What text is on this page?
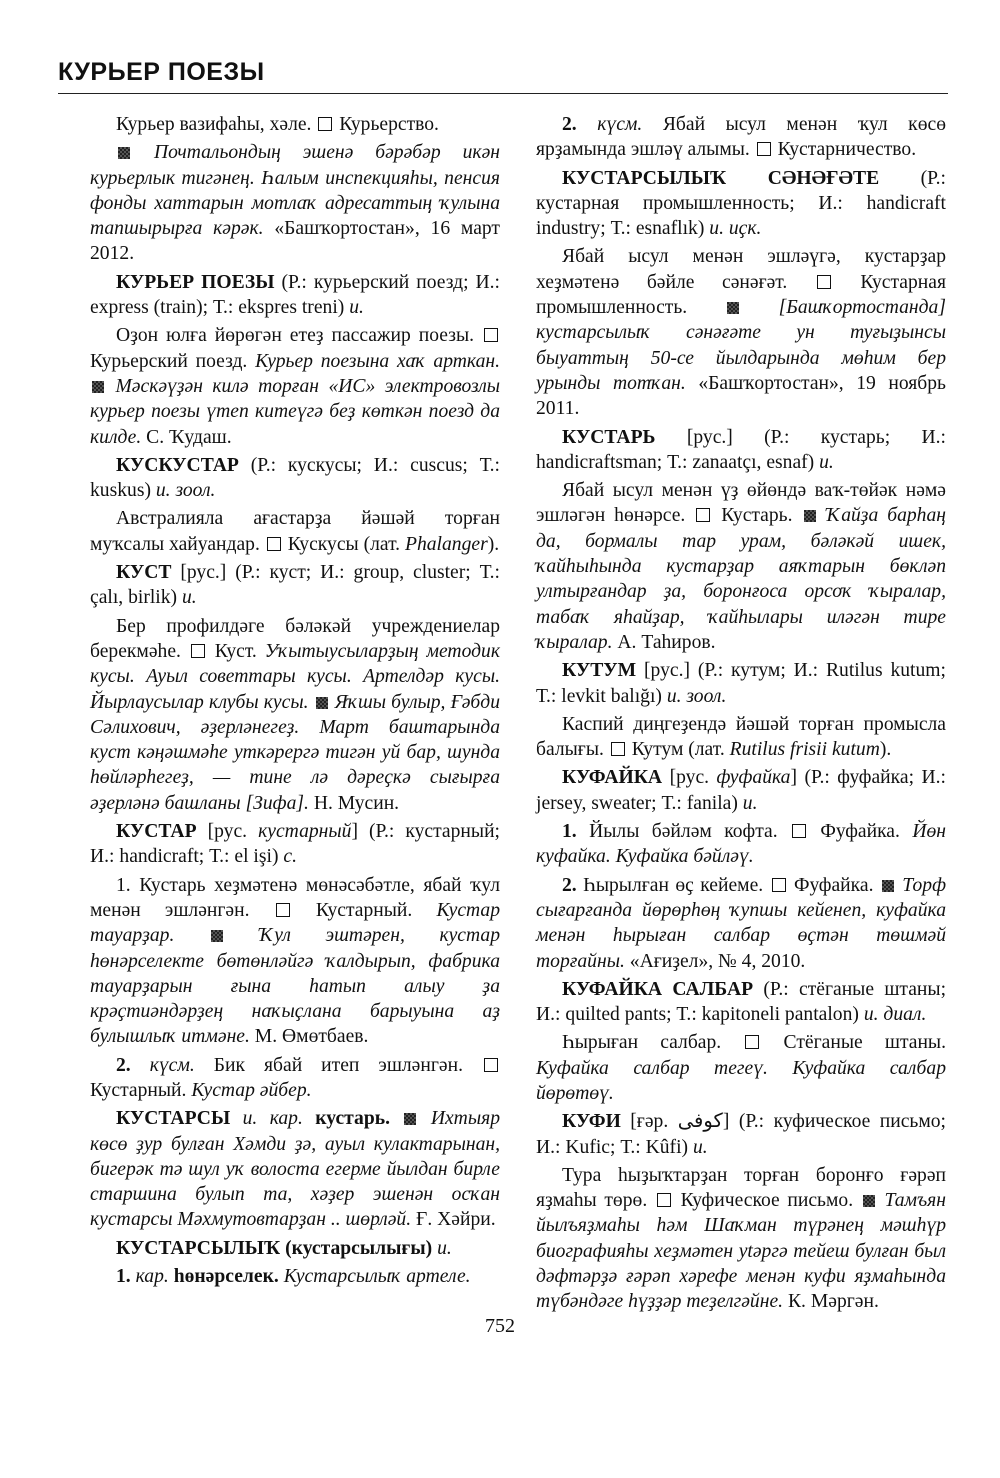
КУРЬЕР ПОЕЗЫ

Курьер вазифаһы, хәле. Курьерство.

Почтальондың эшенә бәрәбәр икән курьерлык тигәнең. Һалым инспекцияһы, пенсия фонды хаттарын мотлаҡ адресаттың ҡулына тапшырырға кәрәк. «Башҡортостан», 16 март 2012.

КУРЬЕР ПОЕЗЫ (Р.: курьерский поезд; И.: express (train); Т.: ekspres treni) и.

Оҙон юлға йөрөгән етеҙ пассажир поезы.  Курьерский поезд. Курьер поезына хаҡ арткан.  Мәскәүҙән килә торған «ИС» электровозлы курьер поезы үтеп китеүгә беҙ көткән поезд да килде. С. Ҡудаш.

КУСКУСТАР (Р.: кускусы; И.: cuscus; Т.: kuskus) и. зоол.

Австралияла ағастарҙа йәшәй торған муҡсалы хайуандар. Кускусы (лат. Phalanger).

КУСТ [рус.] (Р.: куст; И.: group, cluster; Т.: çalı, birlik) и.

Бер профилдәге бәләкәй учреждениелар берекмәһе. Куст. Уҡытыусыларҙың методик кусы. Ауыл советтары кусы. Артелдәр кусы. Йырлаусылар клубы кусы. Яҡшы булыр, Ғәбди Сәлихович, әҙерләнегеҙ. Март баштарында куст кәңәшмәһе уткәрергә тигән уй бар, шунда һөйләрһегеҙ, — тине лә дәреҫкә сығырға әҙерләнә башланы [Зифа]. Н. Мусин.

КУСТАР [рус. кустарный] (Р.: кустарный; И.: handicraft; Т.: el işi) с.

1. Кустарь хеҙмәтенә мөнәсәбәтле, ябай ҡул менән эшләнгән.	Кустарный. Кустар тауарҙар.	Ҡул эштәрен, кустар һөнәрселекте бөтөнләйгә ҡалдырып, фабрика тауарҙарын ғына һатып алыу ҙа крәҫтиәндәрҙең наҡыҫлана барыуына аҙ булышлыҡ итмәне. М. Өмөтбаев.

2. күсм. Бик ябай итеп эшләнгән.  Кустарный. Кустар әйбер.

КУСТАРСЫ и. кар. кустарь. Ихтыяр көсө ҙур булған Хәмди ҙә, ауыл кулактарынан, бигерәк тә шул уҡ волоста егерме йылдан бирле старшина булып та, хәҙер эшенән осҡан кустарсы Мәхмутовтарҙан .. шөрләй. Ғ. Хәйри.

КУСТАРСЫЛЫҠ (кустарсылығы) и.

1. кар. һөнәрселек. Кустарсылыҡ артеле.

2. күсм. Ябай ысул менән ҡул көсө ярҙамында эшләү алымы. Кустарничество.

КУСТАРСЫЛЫҠ СӘНӘҒӘТЕ (Р.: кустарная промышленность; И.: handicraft industry; Т.: esnaflık) и. иҫк.

Ябай ысул менән эшләүгә, кустарҙар хеҙмәтенә бәйле сәнәғәт.	Кустарная промышленность.	[Башҡортостанда] кустарсылыҡ сәнәғәте ун туғыҙынсы быуаттың 50-се йылдарында мөһим бер урынды тотҡан. «Башҡортостан», 19 ноябрь 2011.

КУСТАРЬ [рус.] (Р.: кустарь; И.: handicraftsman; Т.: zanaatçı, esnaf) и.

Ябай ысул менән үҙ өйөндә ваҡ-төйәк нәмә эшләгән һөнәрсе. Кустарь. Ҡайҙа барһаң да, бормалы тар урам, бәләкәй ишек, ҡайһыһында кустарҙар аяҡтарын бөкләп ултырғандар ҙа, боронғоса орсоҡ ҡыралар, табаҡ яһайҙар, ҡайһылары иләгән тире ҡыралар. А. Таһиров.

КУТУМ [рус.] (Р.: кутум; И.: Rutilus kutum; Т.: levkit balığı) и. зоол.

Каспий диңгеҙендә йәшәй торған промысла балығы. Кутум (лат. Rutilus frisii kutum).

КУФАЙКА [рус. фуфайка] (Р.: фуфайка; И.: jersey, sweater; Т.: fanila) и.

1. Йылы бәйләм кофта. Фуфайка. Йөн куфайка. Куфайка бәйләү.

2. Һырылған өҫ кейеме. Фуфайка. Торф сығарғанда йөрөрһөң ҡупшы кейенеп, куфайка менән һырыған салбар өҫтән төшмәй торғайны. «Ағиҙел», № 4, 2010.

КУФАЙКА САЛБАР (Р.: стёганые штаны; И.: quilted pants; Т.: kapitoneli pantalon) и. диал.

Һырыған салбар.	Стёганые штаны. Куфайка салбар тегеү. Куфайка салбар йөрөтөү.

КУФИ [ғәр. کوفی] (Р.: куфическое письмо; И.: Kufic; Т.: Kûfi) и.

Тура һыҙыҡтарҙан торған боронғо ғәрәп яҙмаһы төрө. Куфическое письмо. Тамъян йылъяҙмаһы һәм Шаҡман түрәнең мәшһүр биографияһы хеҙмәтен ytәргә тейеш булған был дәфтәрҙә ғәрәп хәрефе менән куфи яҙмаһында түбәндәге һүҙҙәр теҙелгәйне. К. Мәргән.

752
